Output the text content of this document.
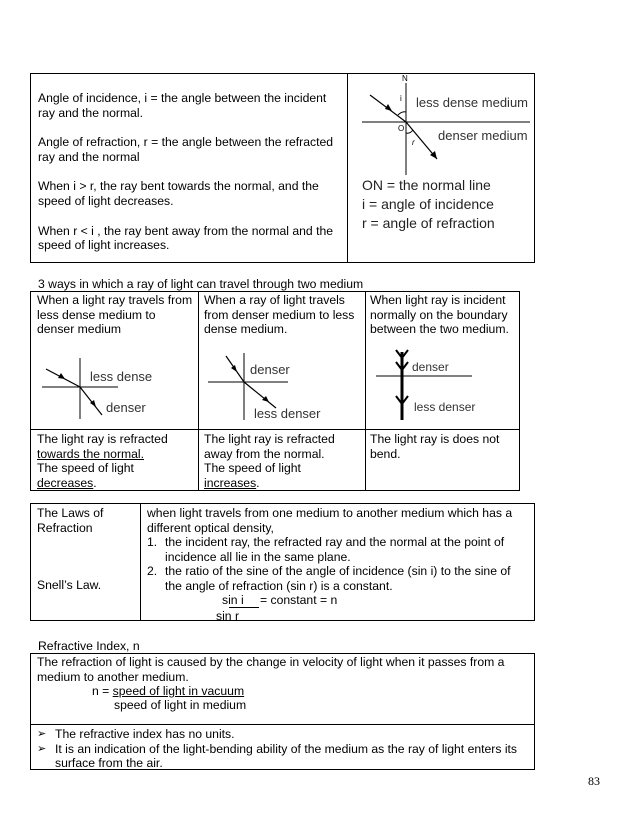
Angle of incidence, i = the angle between the incident ray and the normal.

Angle of refraction, r = the angle between the refracted ray and the normal

When i > r, the ray bent towards the normal, and the speed of light decreases.

When r < i , the ray bent away from the normal and the speed of light increases.

N
i
O
r
less dense medium
denser medium
ON = the normal line
i = angle of incidence
r = angle of refraction
3 ways in which a ray of light can travel through two medium
When a light ray travels from less dense medium to denser medium
less dense
denser
The light ray is refracted
towards the normal.
The speed of light
decreases.
When a ray of light travels from denser medium to less dense medium.
denser
less denser
The light ray is refracted away from the normal.
The speed of light
increases.
When light ray is incident normally on the boundary between the two medium.
denser
less denser
The light ray is does not bend.
The Laws of Refraction
Snell’s Law.

when light travels from one medium to another medium which has a different optical density,

1. the incident ray, the refracted ray and the normal at the point of incidence all lie in the same plane.
2. the ratio of the sine of the angle of incidence (sin i) to the sine of the angle of refraction (sin r) is a constant.
sin i = constant = n
sin r
Refractive Index, n
The refraction of light is caused by the change in velocity of light when it passes from a medium to another medium.
n = speed of light in vacuum
speed of light in medium
➢ The refractive index has no units.
➢ It is an indication of the light-bending ability of the medium as the ray of light enters its surface from the air.
83
